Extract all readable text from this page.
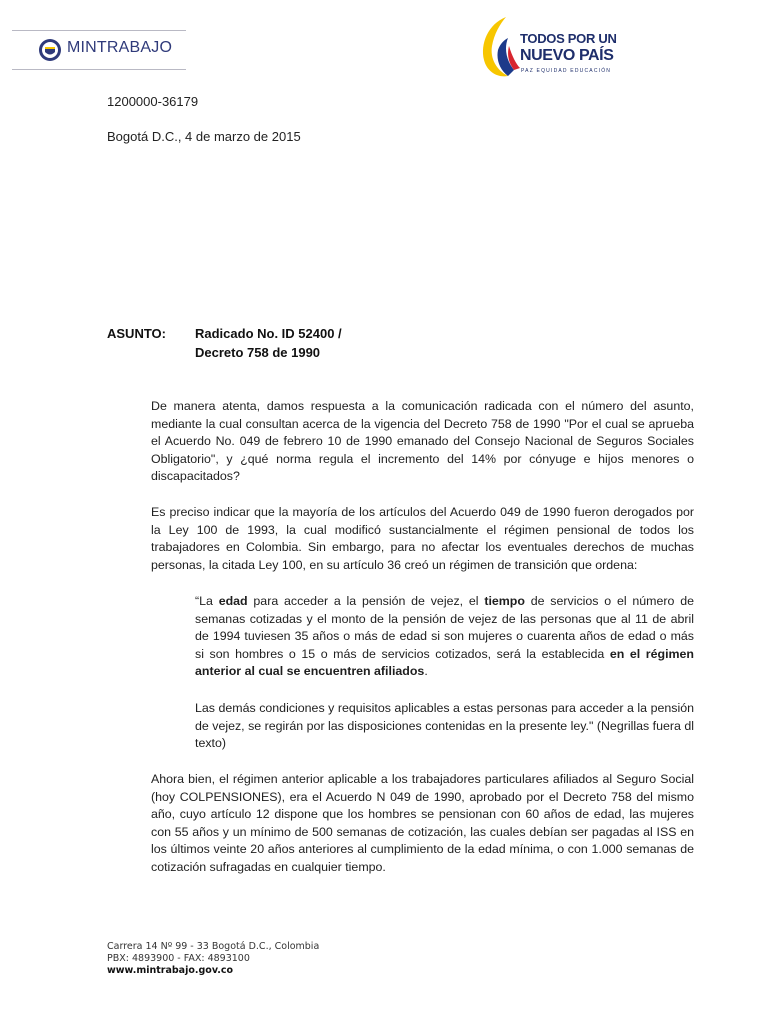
MINTRABAJO
TODOS POR UN
NUEVO PAÍS
PAZ EQUIDAD EDUCACIÓN
1200000-36179
Bogotá D.C., 4 de marzo de 2015
ASUNTO: Radicado No. ID 52400 /
Decreto 758 de 1990
De manera atenta, damos respuesta a la comunicación radicada con el número del asunto, mediante la cual consultan acerca de la vigencia del Decreto 758 de 1990 "Por el cual se aprueba el Acuerdo No. 049 de febrero 10 de 1990 emanado del Consejo Nacional de Seguros Sociales Obligatorio", y ¿qué norma regula el incremento del 14% por cónyuge e hijos menores o discapacitados?
Es preciso indicar que la mayoría de los artículos del Acuerdo 049 de 1990 fueron derogados por la Ley 100 de 1993, la cual modificó sustancialmente el régimen pensional de todos los trabajadores en Colombia. Sin embargo, para no afectar los eventuales derechos de muchas personas, la citada Ley 100, en su artículo 36 creó un régimen de transición que ordena:
“La edad para acceder a la pensión de vejez, el tiempo de servicios o el número de semanas cotizadas y el monto de la pensión de vejez de las personas que al 11 de abril de 1994 tuviesen 35 años o más de edad si son mujeres o cuarenta años de edad o más si son hombres o 15 o más de servicios cotizados, será la establecida en el régimen anterior al cual se encuentren afiliados.
Las demás condiciones y requisitos aplicables a estas personas para acceder a la pensión de vejez, se regirán por las disposiciones contenidas en la presente ley." (Negrillas fuera dl texto)
Ahora bien, el régimen anterior aplicable a los trabajadores particulares afiliados al Seguro Social (hoy COLPENSIONES), era el Acuerdo N 049 de 1990, aprobado por el Decreto 758 del mismo año, cuyo artículo 12 dispone que los hombres se pensionan con 60 años de edad, las mujeres con 55 años y un mínimo de 500 semanas de cotización, las cuales debían ser pagadas al ISS en los últimos veinte 20 años anteriores al cumplimiento de la edad mínima, o con 1.000 semanas de cotización sufragadas en cualquier tiempo.
Carrera 14 Nº 99 - 33 Bogotá D.C., Colombia
PBX: 4893900 - FAX: 4893100
www.mintrabajo.gov.co
